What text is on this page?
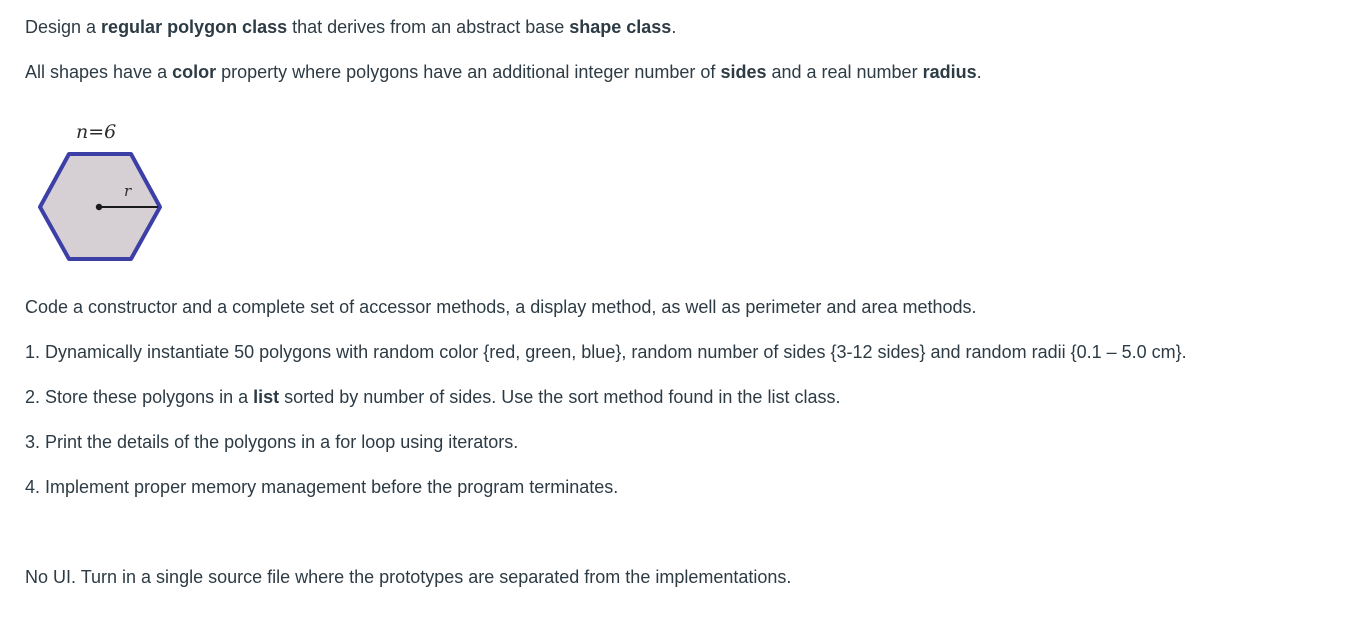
Design a regular polygon class that derives from an abstract base shape class.

All shapes have a color property where polygons have an additional integer number of sides and a real number radius.

n=6
r

Code a constructor and a complete set of accessor methods, a display method, as well as perimeter and area methods.

1. Dynamically instantiate 50 polygons with random color {red, green, blue}, random number of sides {3-12 sides} and random radii {0.1 – 5.0 cm}.

2. Store these polygons in a list sorted by number of sides. Use the sort method found in the list class.

3. Print the details of the polygons in a for loop using iterators.

4. Implement proper memory management before the program terminates.

No UI. Turn in a single source file where the prototypes are separated from the implementations.
